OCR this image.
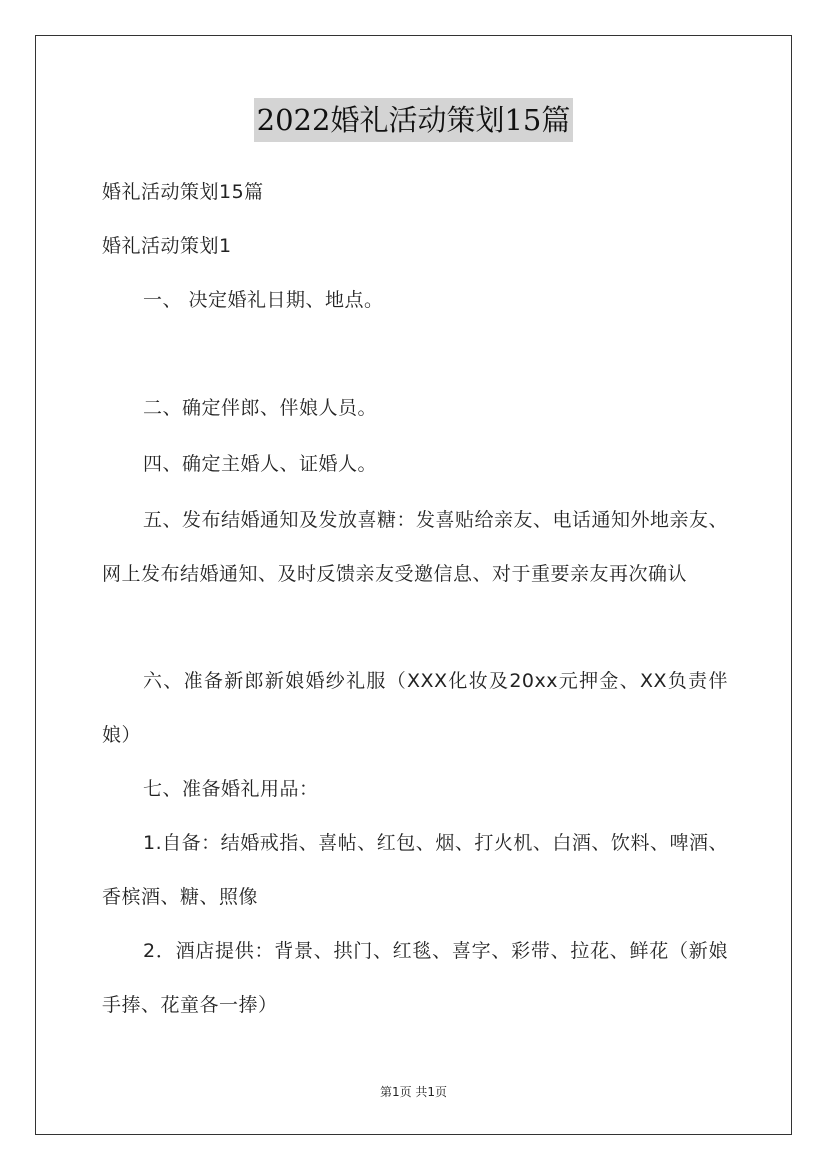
2022婚礼活动策划15篇
婚礼活动策划15篇
婚礼活动策划1
一、 决定婚礼日期、地点。
二、确定伴郎、伴娘人员。
四、确定主婚人、证婚人。
五、发布结婚通知及发放喜糖：发喜贴给亲友、电话通知外地亲友、网上发布结婚通知、及时反馈亲友受邀信息、对于重要亲友再次确认
六、准备新郎新娘婚纱礼服（XXX化妆及20xx元押金、XX负责伴娘）
七、准备婚礼用品：
1.自备：结婚戒指、喜帖、红包、烟、打火机、白酒、饮料、啤酒、香槟酒、糖、照像
2．酒店提供：背景、拱门、红毯、喜字、彩带、拉花、鲜花（新娘手捧、花童各一捧）
第1页 共1页
